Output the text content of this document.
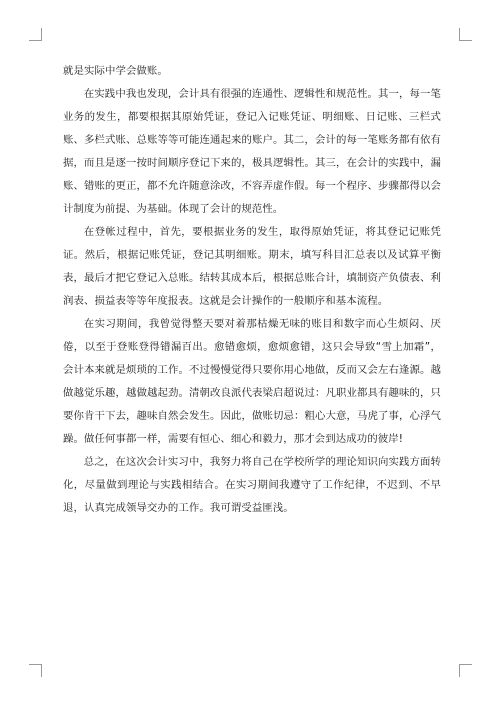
就是实际中学会做账。

在实践中我也发现，会计具有很强的连通性、逻辑性和规范性。其一，每一笔业务的发生，都要根据其原始凭证，登记入记账凭证、明细账、日记账、三栏式账、多栏式账、总账等等可能连通起来的账户。其二，会计的每一笔账务都有依有据，而且是逐一按时间顺序登记下来的，极具逻辑性。其三，在会计的实践中，漏账、错账的更正，都不允许随意涂改，不容弄虚作假。每一个程序、步骤都得以会计制度为前提、为基础。体现了会计的规范性。

在登帐过程中，首先，要根据业务的发生，取得原始凭证，将其登记记账凭证。然后，根据记账凭证，登记其明细账。期末，填写科目汇总表以及试算平衡表，最后才把它登记入总账。结转其成本后，根据总账合计，填制资产负债表、利润表、损益表等等年度报表。这就是会计操作的一般顺序和基本流程。

在实习期间，我曾觉得整天要对着那枯燥无味的账目和数字而心生烦闷、厌倦，以至于登账登得错漏百出。愈错愈烦，愈烦愈错，这只会导致“雪上加霜”，会计本来就是烦琐的工作。不过慢慢觉得只要你用心地做，反而又会左右逢源。越做越觉乐趣，越做越起劲。清朝改良派代表梁启超说过：凡职业都具有趣味的，只要你肯干下去，趣味自然会发生。因此，做账切忌：粗心大意，马虎了事，心浮气躁。做任何事都一样，需要有恒心、细心和毅力，那才会到达成功的彼岸!

总之，在这次会计实习中，我努力将自己在学校所学的理论知识向实践方面转化，尽量做到理论与实践相结合。在实习期间我遵守了工作纪律，不迟到、不早退，认真完成领导交办的工作。我可谓受益匪浅。
